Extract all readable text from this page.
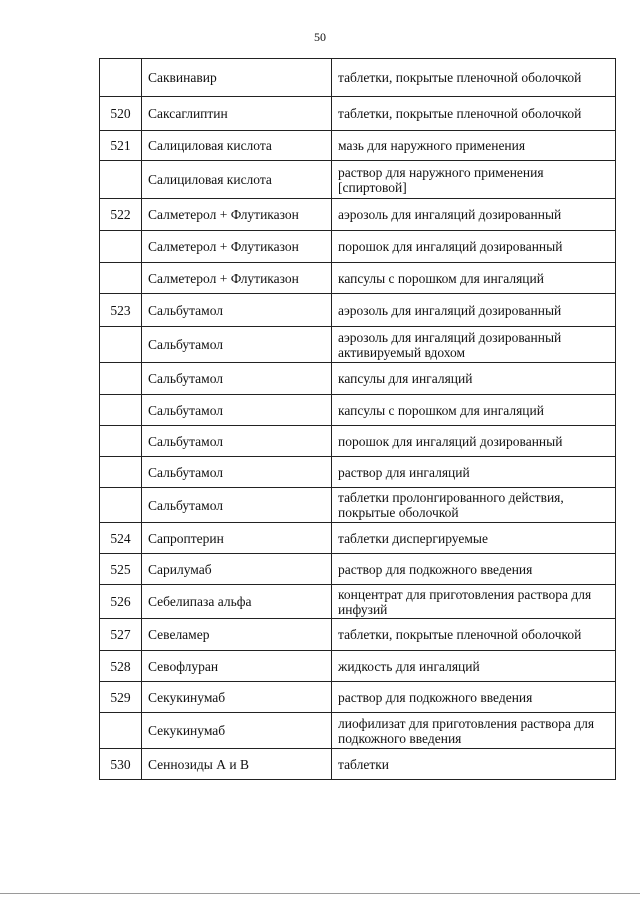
50
	Саквинавир	таблетки, покрытые пленочной оболочкой
520	Саксаглиптин	таблетки, покрытые пленочной оболочкой
521	Салициловая кислота	мазь для наружного применения
	Салициловая кислота	раствор для наружного применения [спиртовой]
522	Салметерол + Флутиказон	аэрозоль для ингаляций дозированный
	Салметерол + Флутиказон	порошок для ингаляций дозированный
	Салметерол + Флутиказон	капсулы с порошком для ингаляций
523	Сальбутамол	аэрозоль для ингаляций дозированный
	Сальбутамол	аэрозоль для ингаляций дозированный активируемый вдохом
	Сальбутамол	капсулы для ингаляций
	Сальбутамол	капсулы с порошком для ингаляций
	Сальбутамол	порошок для ингаляций дозированный
	Сальбутамол	раствор для ингаляций
	Сальбутамол	таблетки пролонгированного действия, покрытые оболочкой
524	Сапроптерин	таблетки диспергируемые
525	Сарилумаб	раствор для подкожного введения
526	Себелипаза альфа	концентрат для приготовления раствора для инфузий
527	Севеламер	таблетки, покрытые пленочной оболочкой
528	Севофлуран	жидкость для ингаляций
529	Секукинумаб	раствор для подкожного введения
	Секукинумаб	лиофилизат для приготовления раствора для подкожного введения
530	Сеннозиды А и В	таблетки
